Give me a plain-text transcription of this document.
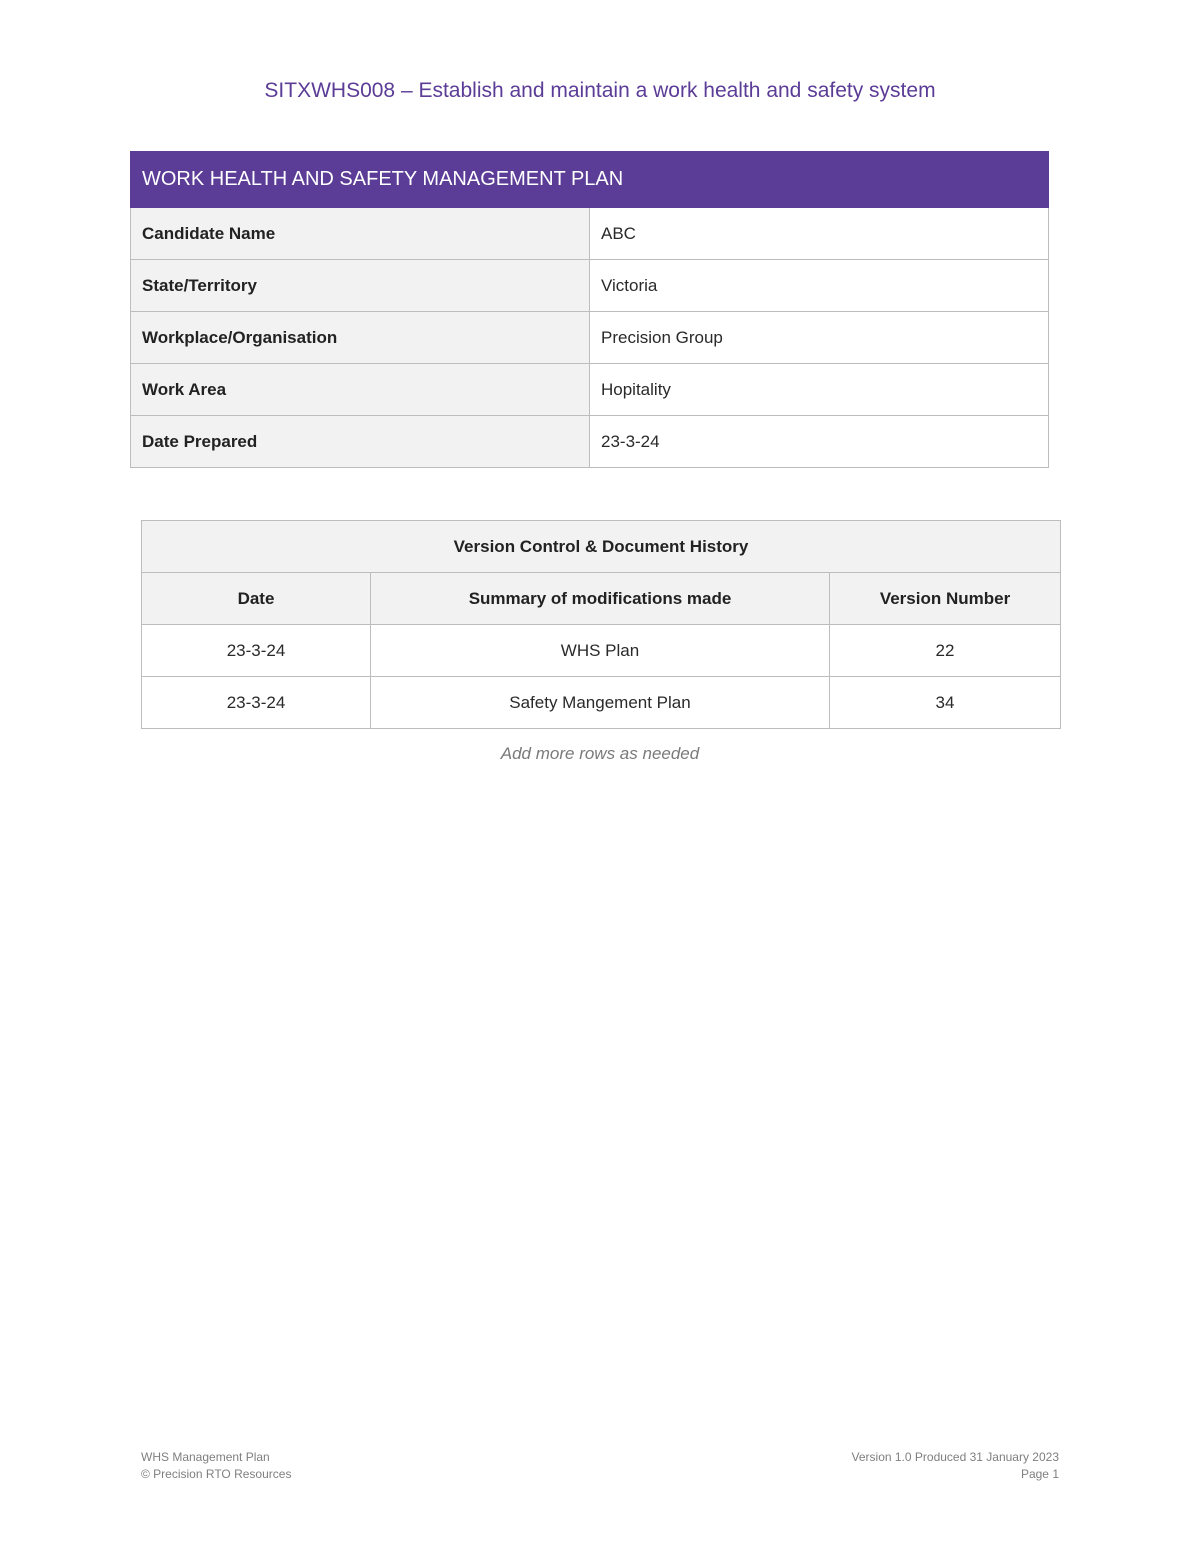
SITXWHS008 – Establish and maintain a work health and safety system
WORK HEALTH AND SAFETY MANAGEMENT PLAN	
Candidate Name	ABC
State/Territory	Victoria
Workplace/Organisation	Precision Group
Work Area	Hopitality
Date Prepared	23-3-24
Version Control & Document History		
Date	Summary of modifications made	Version Number
23-3-24	WHS Plan	22
23-3-24	Safety Mangement Plan	34
Add more rows as needed
WHS Management Plan
© Precision RTO Resources
Version 1.0 Produced 31 January 2023
Page 1
